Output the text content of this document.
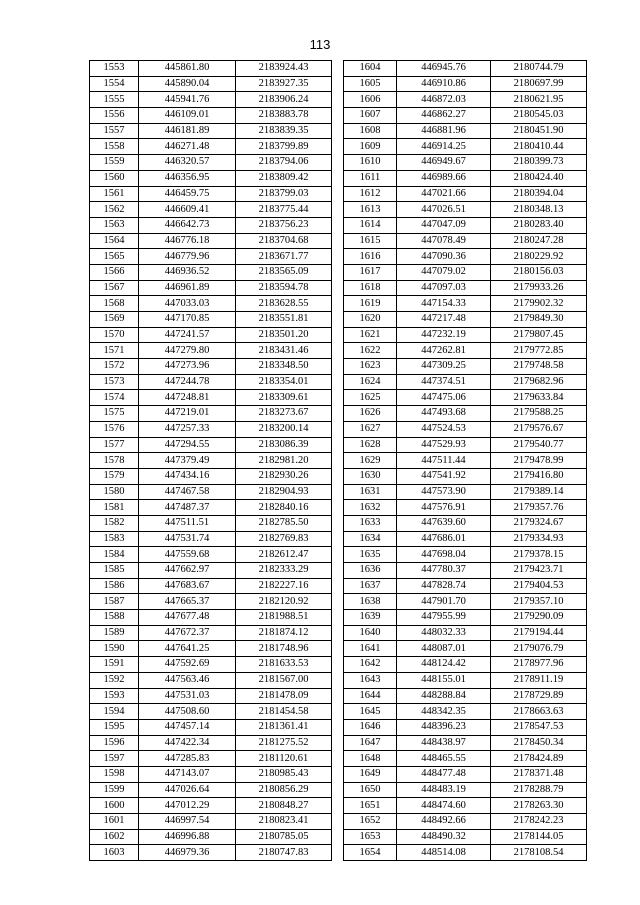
113
1553	445861.80	2183924.43
1554	445890.04	2183927.35
1555	445941.76	2183906.24
1556	446109.01	2183883.78
1557	446181.89	2183839.35
1558	446271.48	2183799.89
1559	446320.57	2183794.06
1560	446356.95	2183809.42
1561	446459.75	2183799.03
1562	446609.41	2183775.44
1563	446642.73	2183756.23
1564	446776.18	2183704.68
1565	446779.96	2183671.77
1566	446936.52	2183565.09
1567	446961.89	2183594.78
1568	447033.03	2183628.55
1569	447170.85	2183551.81
1570	447241.57	2183501.20
1571	447279.80	2183431.46
1572	447273.96	2183348.50
1573	447244.78	2183354.01
1574	447248.81	2183309.61
1575	447219.01	2183273.67
1576	447257.33	2183200.14
1577	447294.55	2183086.39
1578	447379.49	2182981.20
1579	447434.16	2182930.26
1580	447467.58	2182904.93
1581	447487.37	2182840.16
1582	447511.51	2182785.50
1583	447531.74	2182769.83
1584	447559.68	2182612.47
1585	447662.97	2182333.29
1586	447683.67	2182227.16
1587	447665.37	2182120.92
1588	447677.48	2181988.51
1589	447672.37	2181874.12
1590	447641.25	2181748.96
1591	447592.69	2181633.53
1592	447563.46	2181567.00
1593	447531.03	2181478.09
1594	447508.60	2181454.58
1595	447457.14	2181361.41
1596	447422.34	2181275.52
1597	447285.83	2181120.61
1598	447143.07	2180985.43
1599	447026.64	2180856.29
1600	447012.29	2180848.27
1601	446997.54	2180823.41
1602	446996.88	2180785.05
1603	446979.36	2180747.83
1604	446945.76	2180744.79
1605	446910.86	2180697.99
1606	446872.03	2180621.95
1607	446862.27	2180545.03
1608	446881.96	2180451.90
1609	446914.25	2180410.44
1610	446949.67	2180399.73
1611	446989.66	2180424.40
1612	447021.66	2180394.04
1613	447026.51	2180348.13
1614	447047.09	2180283.40
1615	447078.49	2180247.28
1616	447090.36	2180229.92
1617	447079.02	2180156.03
1618	447097.03	2179933.26
1619	447154.33	2179902.32
1620	447217.48	2179849.30
1621	447232.19	2179807.45
1622	447262.81	2179772.85
1623	447309.25	2179748.58
1624	447374.51	2179682.96
1625	447475.06	2179633.84
1626	447493.68	2179588.25
1627	447524.53	2179576.67
1628	447529.93	2179540.77
1629	447511.44	2179478.99
1630	447541.92	2179416.80
1631	447573.90	2179389.14
1632	447576.91	2179357.76
1633	447639.60	2179324.67
1634	447686.01	2179334.93
1635	447698.04	2179378.15
1636	447780.37	2179423.71
1637	447828.74	2179404.53
1638	447901.70	2179357.10
1639	447955.99	2179290.09
1640	448032.33	2179194.44
1641	448087.01	2179076.79
1642	448124.42	2178977.96
1643	448155.01	2178911.19
1644	448288.84	2178729.89
1645	448342.35	2178663.63
1646	448396.23	2178547.53
1647	448438.97	2178450.34
1648	448465.55	2178424.89
1649	448477.48	2178371.48
1650	448483.19	2178288.79
1651	448474.60	2178263.30
1652	448492.66	2178242.23
1653	448490.32	2178144.05
1654	448514.08	2178108.54
